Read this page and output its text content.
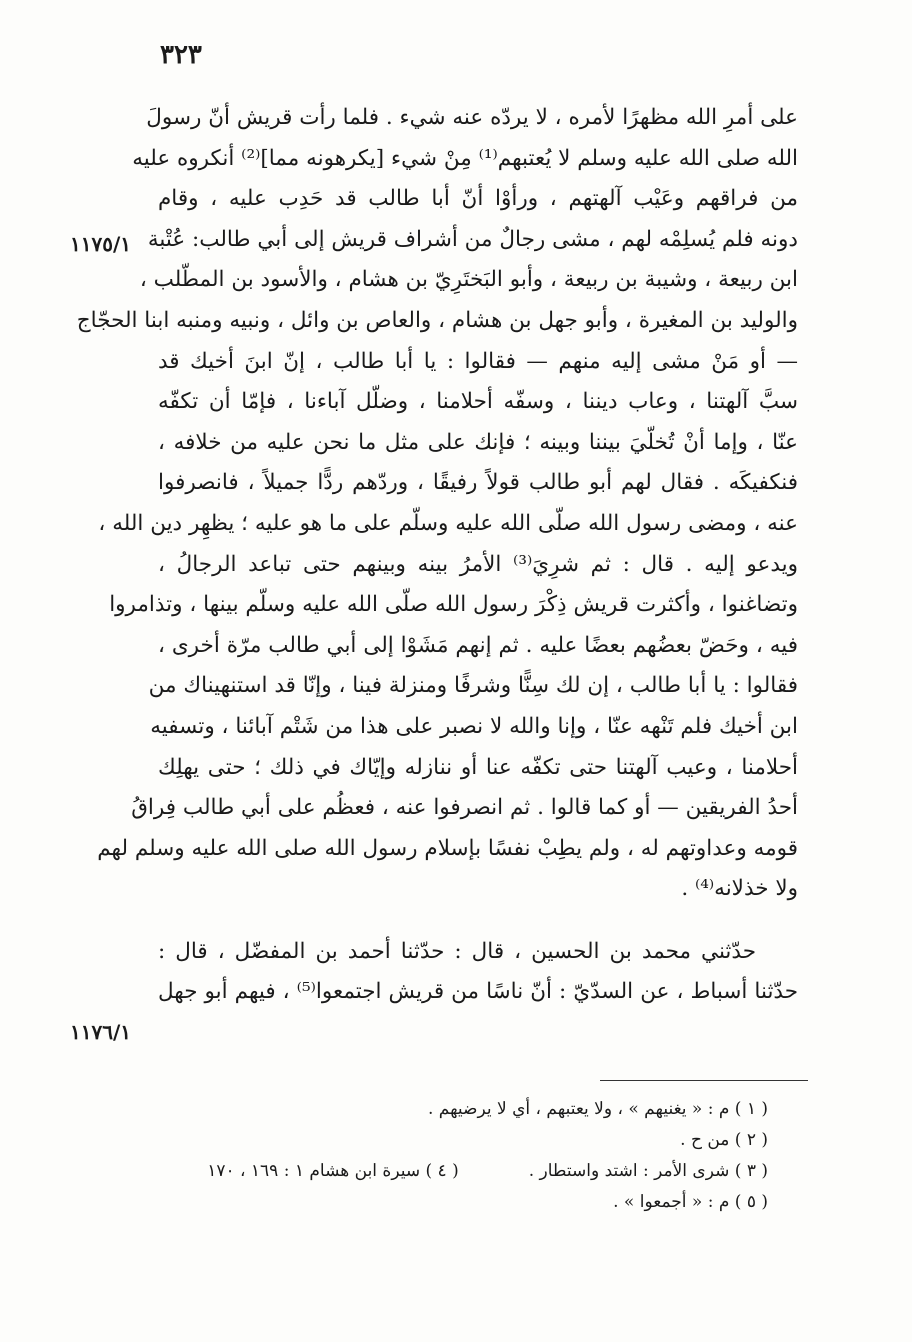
٣٢٣
على أمرِ الله مظهرًا لأمره ، لا يردّه عنه شيء . فلما رأت قريش أنّ رسولَ
الله صلى الله عليه وسلم لا يُعتبهم⁽¹⁾ مِنْ شيء [يكرهونه مما]⁽²⁾ أنكروه عليه
من فراقهم وعَيْب آلهتهم ، ورأوْا أنّ أبا طالب قد حَدِب عليه ، وقام
دونه فلم يُسلِمْه لهم ، مشى رجالٌ من أشراف قريش إلى أبي طالب: عُتْبة
ابن ربيعة ، وشيبة بن ربيعة ، وأبو البَختَرِيّ بن هشام ، والأسود بن المطّلب ،
والوليد بن المغيرة ، وأبو جهل بن هشام ، والعاص بن وائل ، ونبيه ومنبه ابنا الحجّاج
— أو مَنْ مشى إليه منهم — فقالوا : يا أبا طالب ، إنّ ابنَ أخيك قد
سبَّ آلهتنا ، وعاب ديننا ، وسفّه أحلامنا ، وضلّل آباءنا ، فإمّا أن تكفّه
عنّا ، وإما أنْ تُخلّيَ بيننا وبينه ؛ فإنك على مثل ما نحن عليه من خلافه ،
فنكفيكَه . فقال لهم أبو طالب قولاً رفيقًا ، وردّهم ردًّا جميلاً ، فانصرفوا
عنه ، ومضى رسول الله صلّى الله عليه وسلّم على ما هو عليه ؛ يظهِر دين الله ،
ويدعو إليه . قال : ثم شرِيَ⁽³⁾ الأمرُ بينه وبينهم حتى تباعد الرجالُ ،
وتضاغنوا ، وأكثرت قريش ذِكْرَ رسول الله صلّى الله عليه وسلّم بينها ، وتذامروا
فيه ، وحَضّ بعضُهم بعضًا عليه . ثم إنهم مَشَوْا إلى أبي طالب مرّة أخرى ،
فقالوا : يا أبا طالب ، إن لك سِنًّا وشرفًا ومنزلة فينا ، وإنّا قد استنهيناك من
ابن أخيك فلم تَنْهه عنّا ، وإنا والله لا نصبر على هذا من شَتْم آبائنا ، وتسفيه
أحلامنا ، وعيب آلهتنا حتى تكفّه عنا أو ننازله وإيّاك في ذلك ؛ حتى يهلِك
أحدُ الفريقين — أو كما قالوا . ثم انصرفوا عنه ، فعظُم على أبي طالب فِراقُ
قومه وعداوتهم له ، ولم يطِبْ نفسًا بإسلام رسول الله صلى الله عليه وسلم لهم
ولا خذلانه⁽⁴⁾ .
حدّثني محمد بن الحسين ، قال : حدّثنا أحمد بن المفضّل ، قال :
حدّثنا أسباط ، عن السدّيّ : أنّ ناسًا من قريش اجتمعوا⁽⁵⁾ ، فيهم أبو جهل
١١٧٥/١
١١٧٦/١
( ١ ) م : « يغنيهم » ، ولا يعتبهم ، أي لا يرضيهم .
( ٢ ) من ح .
( ٣ ) شرى الأمر : اشتد واستطار .
( ٤ ) سيرة ابن هشام ١ : ١٦٩ ، ١٧٠
( ٥ ) م : « أجمعوا » .
